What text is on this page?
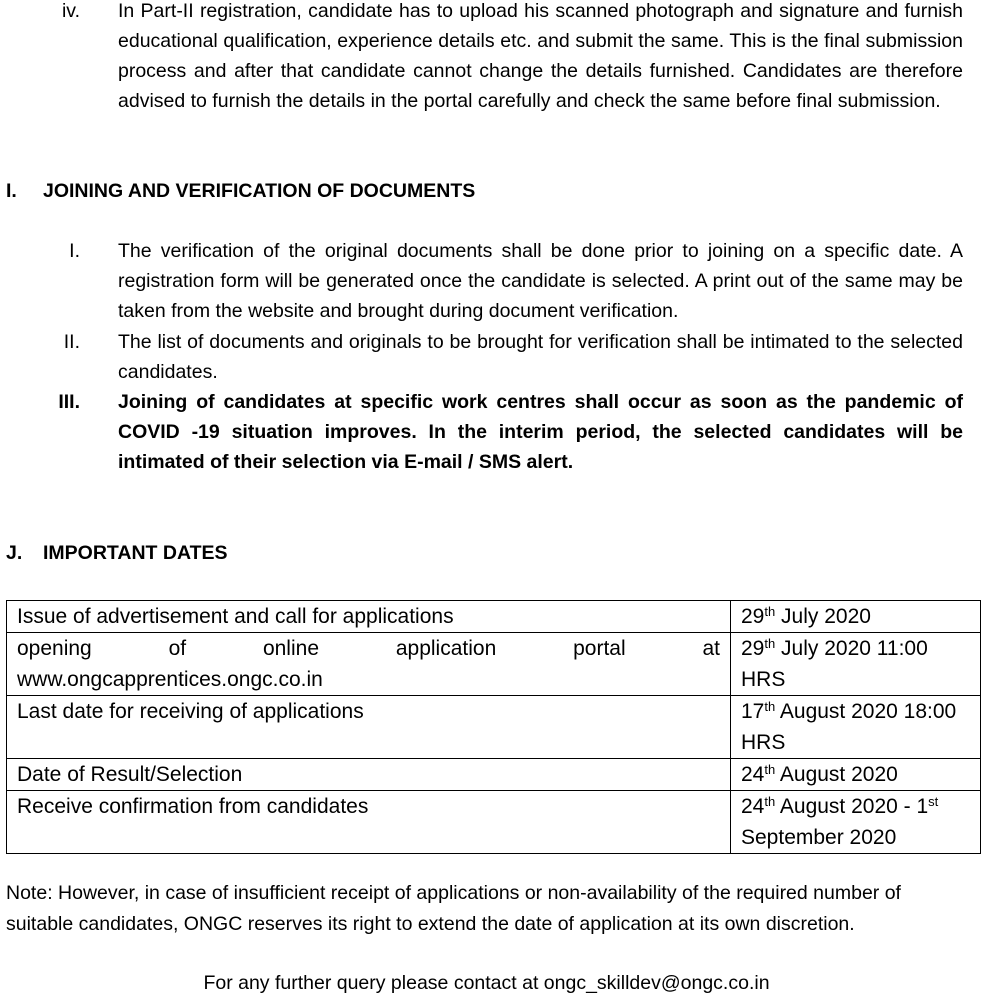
iv. In Part-II registration, candidate has to upload his scanned photograph and signature and furnish educational qualification, experience details etc. and submit the same. This is the final submission process and after that candidate cannot change the details furnished. Candidates are therefore advised to furnish the details in the portal carefully and check the same before final submission.
I. JOINING AND VERIFICATION OF DOCUMENTS
I. The verification of the original documents shall be done prior to joining on a specific date. A registration form will be generated once the candidate is selected. A print out of the same may be taken from the website and brought during document verification.
II. The list of documents and originals to be brought for verification shall be intimated to the selected candidates.
III. Joining of candidates at specific work centres shall occur as soon as the pandemic of COVID -19 situation improves. In the interim period, the selected candidates will be intimated of their selection via E-mail / SMS alert.
J. IMPORTANT DATES
Issue of advertisement and call for applications	29th July 2020

opening of online application portal at
www.ongcapprentices.ongc.co.in	29th July 2020 11:00 HRS
Last date for receiving of applications	17th August 2020 18:00 HRS
Date of Result/Selection	24th August 2020
Receive confirmation from candidates	24th August 2020 - 1st September 2020
Note: However, in case of insufficient receipt of applications or non-availability of the required number of suitable candidates, ONGC reserves its right to extend the date of application at its own discretion.
For any further query please contact at ongc_skilldev@ongc.co.in
